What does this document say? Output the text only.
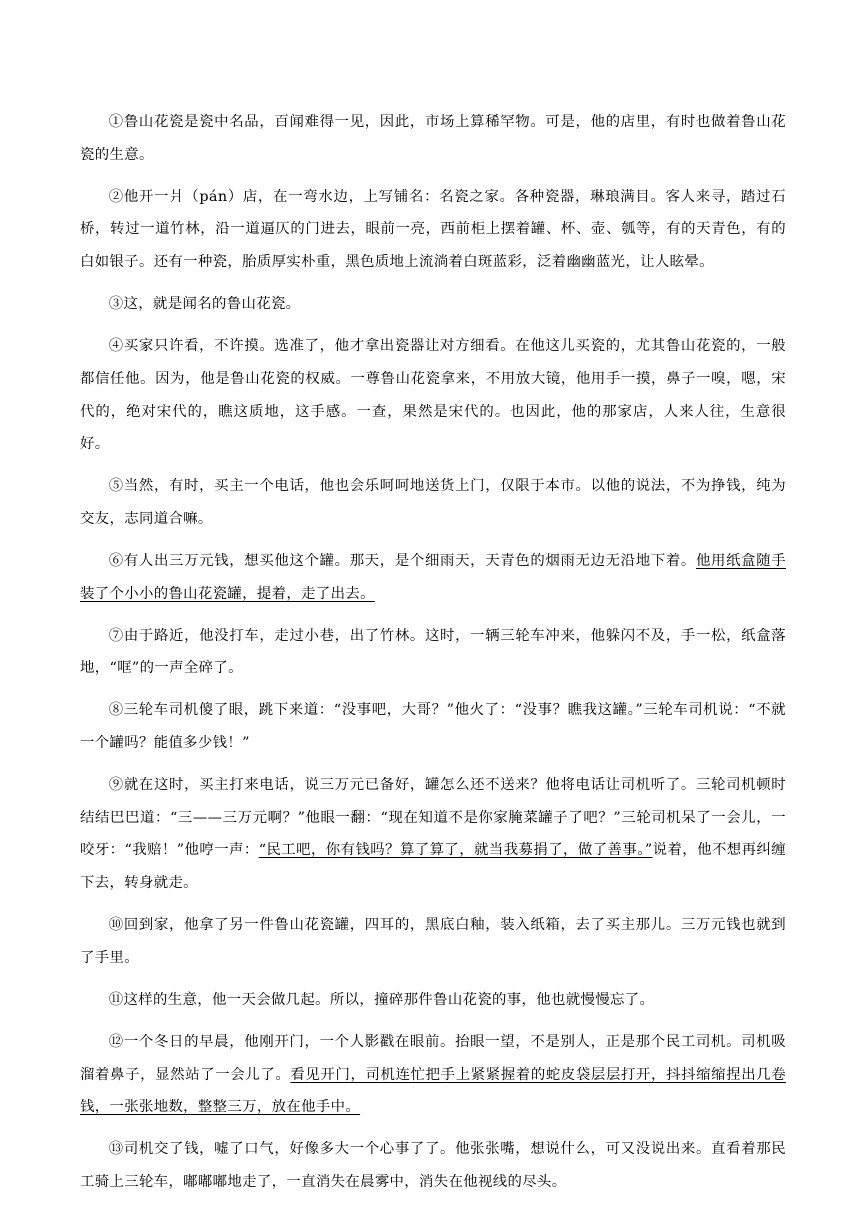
①鲁山花瓷是瓷中名品，百闻难得一见，因此，市场上算稀罕物。可是，他的店里，有时也做着鲁山花瓷的生意。

②他开一爿（pán）店，在一弯水边，上写铺名：名瓷之家。各种瓷器，琳琅满目。客人来寻，踏过石桥，转过一道竹林，沿一道逼仄的门进去，眼前一亮，西前柜上摆着罐、杯、壶、瓠等，有的天青色，有的白如银子。还有一种瓷，胎质厚实朴重，黑色质地上流淌着白斑蓝彩，泛着幽幽蓝光，让人眩晕。

③这，就是闻名的鲁山花瓷。

④买家只许看，不许摸。选准了，他才拿出瓷器让对方细看。在他这儿买瓷的，尤其鲁山花瓷的，一般都信任他。因为，他是鲁山花瓷的权威。一尊鲁山花瓷拿来，不用放大镜，他用手一摸，鼻子一嗅，嗯，宋代的，绝对宋代的，瞧这质地，这手感。一查，果然是宋代的。也因此，他的那家店，人来人往，生意很好。

⑤当然，有时，买主一个电话，他也会乐呵呵地送货上门，仅限于本市。以他的说法，不为挣钱，纯为交友，志同道合嘛。

⑥有人出三万元钱，想买他这个罐。那天，是个细雨天，天青色的烟雨无边无沿地下着。他用纸盒随手装了个小小的鲁山花瓷罐，提着，走了出去。

⑦由于路近，他没打车，走过小巷，出了竹林。这时，一辆三轮车冲来，他躲闪不及，手一松，纸盒落地，“哐”的一声全碎了。

⑧三轮车司机傻了眼，跳下来道：“没事吧，大哥？”他火了：“没事？瞧我这罐。”三轮车司机说：“不就一个罐吗？能值多少钱！”

⑨就在这时，买主打来电话，说三万元已备好，罐怎么还不送来？他将电话让司机听了。三轮司机顿时结结巴巴道：“三——三万元啊？”他眼一翻：“现在知道不是你家腌菜罐子了吧？”三轮司机呆了一会儿，一咬牙：“我赔！”他哼一声：“民工吧，你有钱吗？算了算了，就当我募捐了，做了善事。”说着，他不想再纠缠下去，转身就走。

⑩回到家，他拿了另一件鲁山花瓷罐，四耳的，黑底白釉，装入纸箱，去了买主那儿。三万元钱也就到了手里。

⑪这样的生意，他一天会做几起。所以，撞碎那件鲁山花瓷的事，他也就慢慢忘了。

⑫一个冬日的早晨，他刚开门，一个人影戳在眼前。抬眼一望，不是别人，正是那个民工司机。司机吸溜着鼻子，显然站了一会儿了。看见开门，司机连忙把手上紧紧握着的蛇皮袋层层打开，抖抖缩缩捏出几卷钱，一张张地数，整整三万，放在他手中。

⑬司机交了钱，嘘了口气，好像多大一个心事了了。他张张嘴，想说什么，可又没说出来。直看着那民工骑上三轮车，嘟嘟嘟地走了，一直消失在晨雾中，消失在他视线的尽头。
